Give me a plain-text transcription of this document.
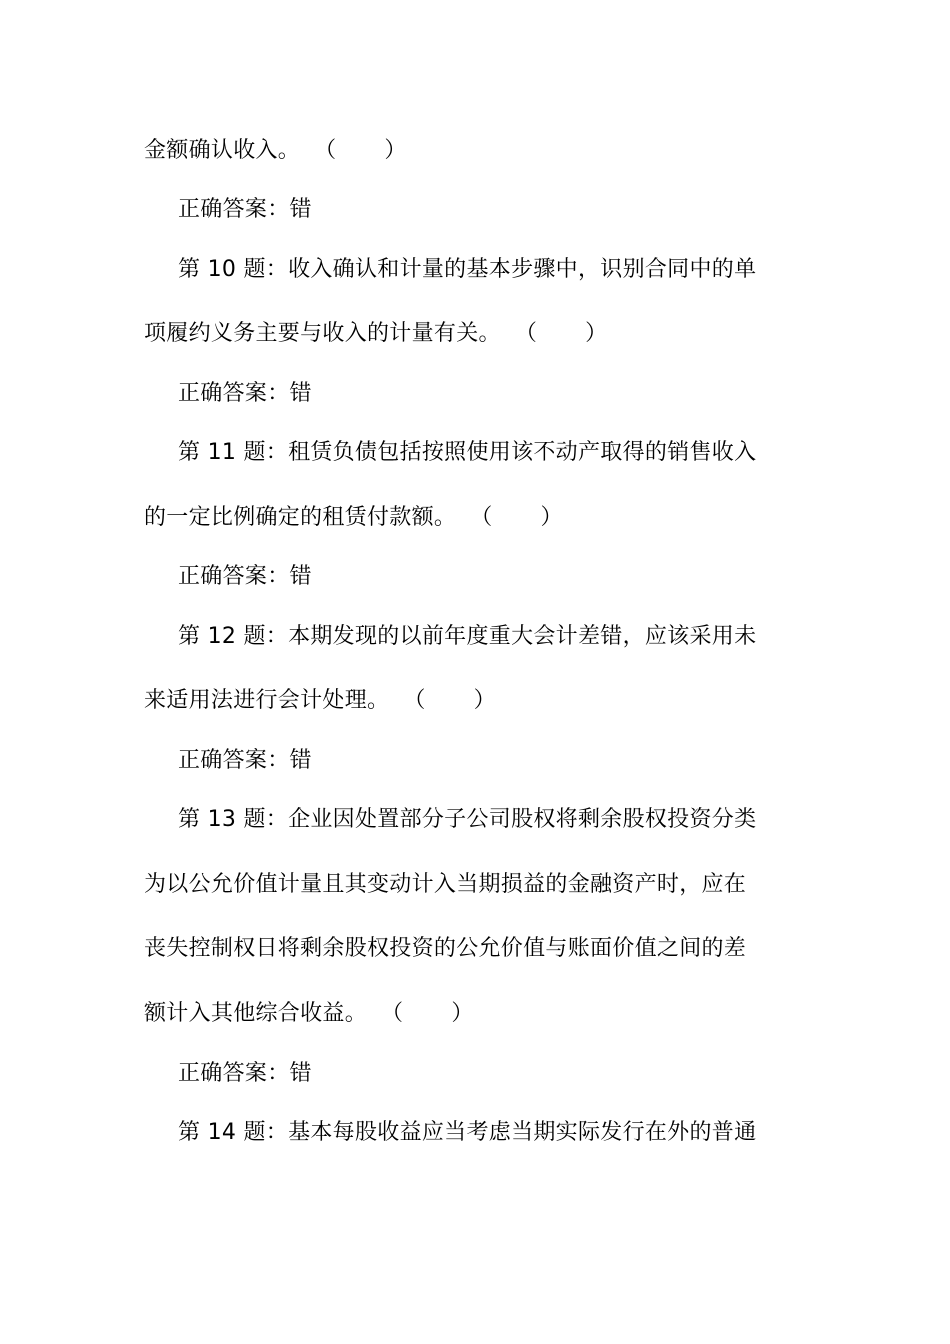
金额确认收入。 （ ）
正确答案：错
第 10 题：收入确认和计量的基本步骤中，识别合同中的单
项履约义务主要与收入的计量有关。 （ ）
正确答案：错
第 11 题：租赁负债包括按照使用该不动产取得的销售收入
的一定比例确定的租赁付款额。 （ ）
正确答案：错
第 12 题：本期发现的以前年度重大会计差错，应该采用未
来适用法进行会计处理。 （ ）
正确答案：错
第 13 题：企业因处置部分子公司股权将剩余股权投资分类
为以公允价值计量且其变动计入当期损益的金融资产时，应在
丧失控制权日将剩余股权投资的公允价值与账面价值之间的差
额计入其他综合收益。 （ ）
正确答案：错
第 14 题：基本每股收益应当考虑当期实际发行在外的普通
